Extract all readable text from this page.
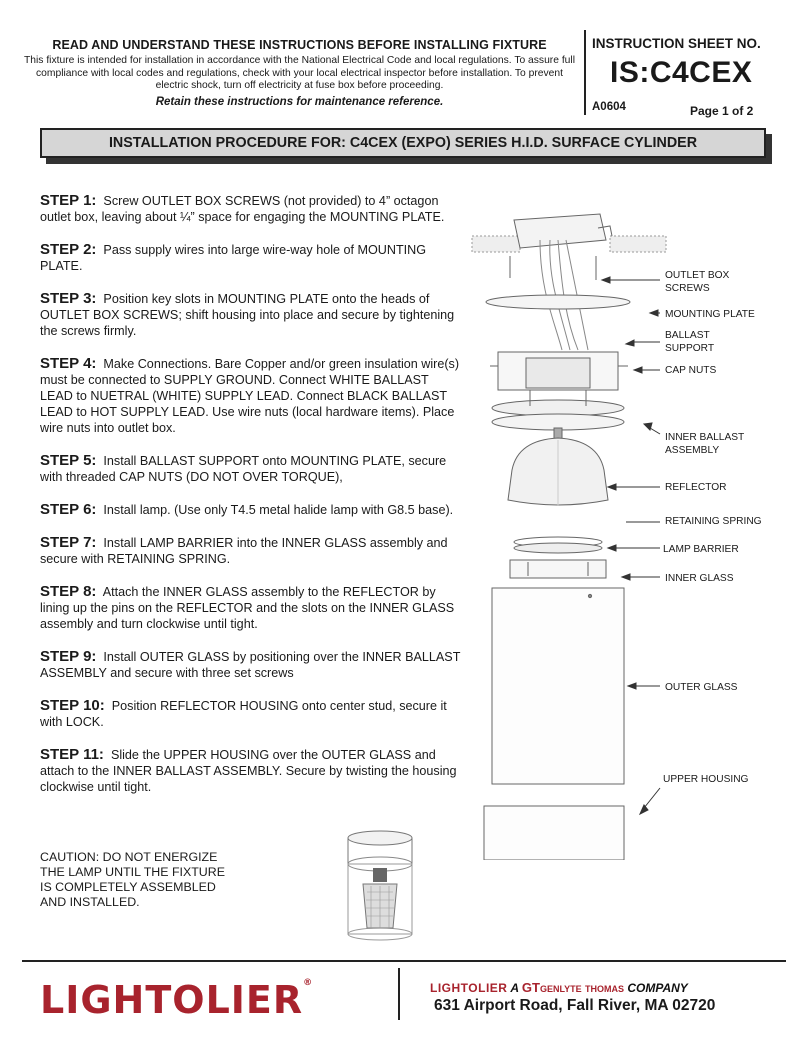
READ AND UNDERSTAND THESE INSTRUCTIONS BEFORE INSTALLING FIXTURE
This fixture is intended for installation in accordance with the National Electrical Code and local regulations. To assure full compliance with local codes and regulations, check with your local electrical inspector before installation. To prevent electric shock, turn off electricity at fuse box before proceeding.
Retain these instructions for maintenance reference.
INSTRUCTION SHEET NO.
IS:C4CEX
A0604	Page 1 of 2
INSTALLATION PROCEDURE FOR: C4CEX (EXPO) SERIES H.I.D. SURFACE CYLINDER
STEP 1: Screw OUTLET BOX SCREWS (not provided) to 4” octagon outlet box, leaving about ¼” space for engaging the MOUNTING PLATE.
STEP 2: Pass supply wires into large wire-way hole of MOUNTING PLATE.
STEP 3: Position key slots in MOUNTING PLATE onto the heads of OUTLET BOX SCREWS; shift housing into place and secure by tightening the screws firmly.
STEP 4: Make Connections. Bare Copper and/or green insulation wire(s) must be connected to SUPPLY GROUND. Connect WHITE BALLAST LEAD to NUETRAL (WHITE) SUPPLY LEAD. Connect BLACK BALLAST LEAD to HOT SUPPLY LEAD. Use wire nuts (local hardware items). Place wire nuts into outlet box.
STEP 5: Install BALLAST SUPPORT onto MOUNTING PLATE, secure with threaded CAP NUTS (DO NOT OVER TORQUE),
STEP 6: Install lamp. (Use only T4.5 metal halide lamp with G8.5 base).
STEP 7: Install LAMP BARRIER into the INNER GLASS assembly and secure with RETAINING SPRING.
STEP 8: Attach the INNER GLASS assembly to the REFLECTOR by lining up the pins on the REFLECTOR and the slots on the INNER GLASS assembly and turn clockwise until tight.
STEP 9: Install OUTER GLASS by positioning over the INNER BALLAST ASSEMBLY and secure with three set screws
STEP 10: Position REFLECTOR HOUSING onto center stud, secure it with LOCK.
STEP 11: Slide the UPPER HOUSING over the OUTER GLASS and attach to the INNER BALLAST ASSEMBLY. Secure by twisting the housing clockwise until tight.
CAUTION: DO NOT ENERGIZE
THE LAMP UNTIL THE FIXTURE
IS COMPLETELY ASSEMBLED
AND INSTALLED.
OUTLET BOX
SCREWS
MOUNTING PLATE
BALLAST
SUPPORT
CAP NUTS
INNER BALLAST
ASSEMBLY
REFLECTOR
RETAINING SPRING
LAMP BARRIER
INNER GLASS
OUTER GLASS
UPPER HOUSING
LIGHTOLIER®	LIGHTOLIER A GTGENLYTE THOMAS COMPANY
631 Airport Road, Fall River, MA 02720
